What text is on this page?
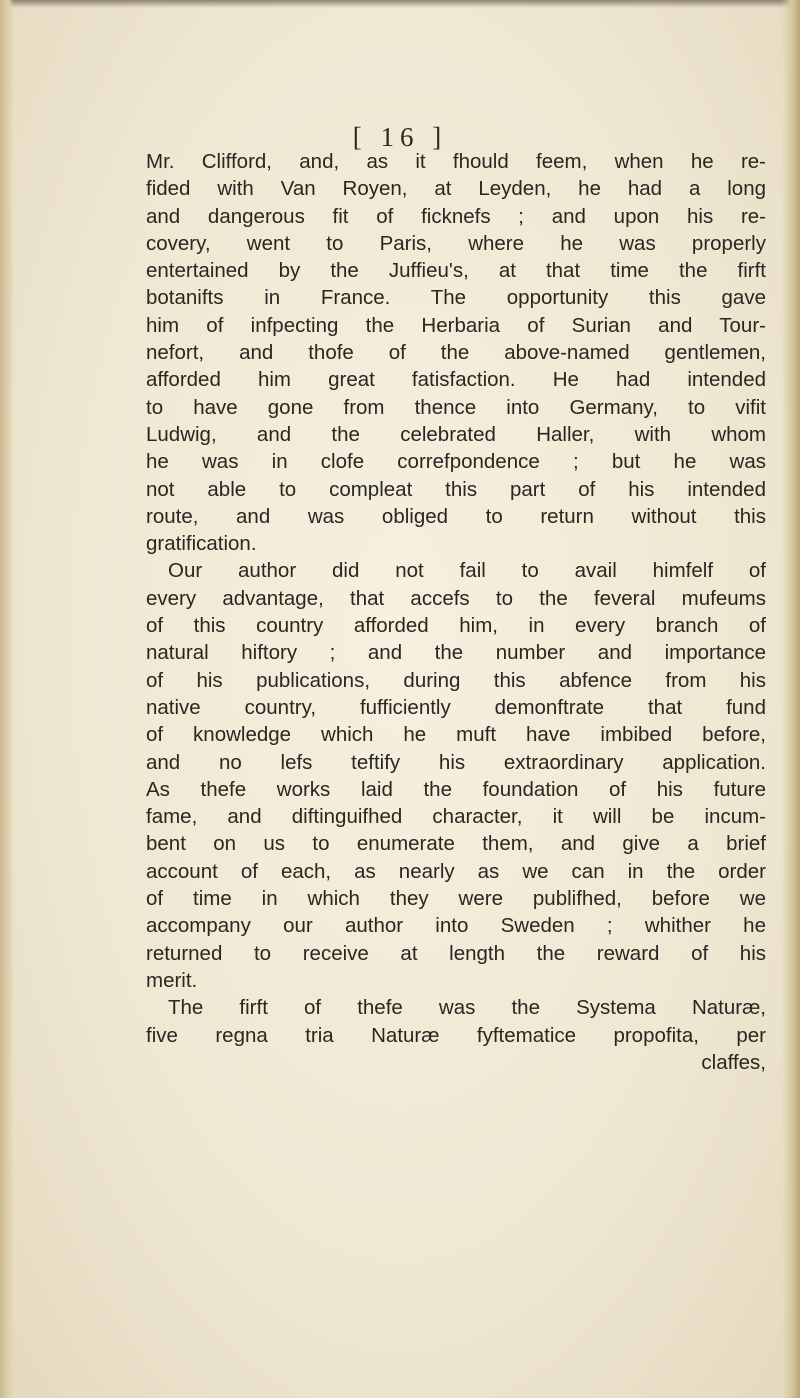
[ 16 ]
Mr. Clifford, and, as it fhould feem, when he re-
fided with Van Royen, at Leyden, he had a long
and dangerous fit of ficknefs ; and upon his re-
covery, went to Paris, where he was properly
entertained by the Juffieu's, at that time the firft
botanifts in France. The opportunity this gave
him of infpecting the Herbaria of Surian and Tour-
nefort, and thofe of the above-named gentlemen,
afforded him great fatisfaction. He had intended
to have gone from thence into Germany, to vifit
Ludwig, and the celebrated Haller, with whom
he was in clofe correfpondence ; but he was
not able to compleat this part of his intended
route, and was obliged to return without this
gratification.
Our author did not fail to avail himfelf of
every advantage, that accefs to the feveral mufeums
of this country afforded him, in every branch of
natural hiftory ; and the number and importance
of his publications, during this abfence from his
native country, fufficiently demonftrate that fund
of knowledge which he muft have imbibed before,
and no lefs teftify his extraordinary application.
As thefe works laid the foundation of his future
fame, and diftinguifhed character, it will be incum-
bent on us to enumerate them, and give a brief
account of each, as nearly as we can in the order
of time in which they were publifhed, before we
accompany our author into Sweden ; whither he
returned to receive at length the reward of his
merit.
The firft of thefe was the Systema Naturæ,
five regna tria Naturæ fyftematice propofita, per
claffes,
